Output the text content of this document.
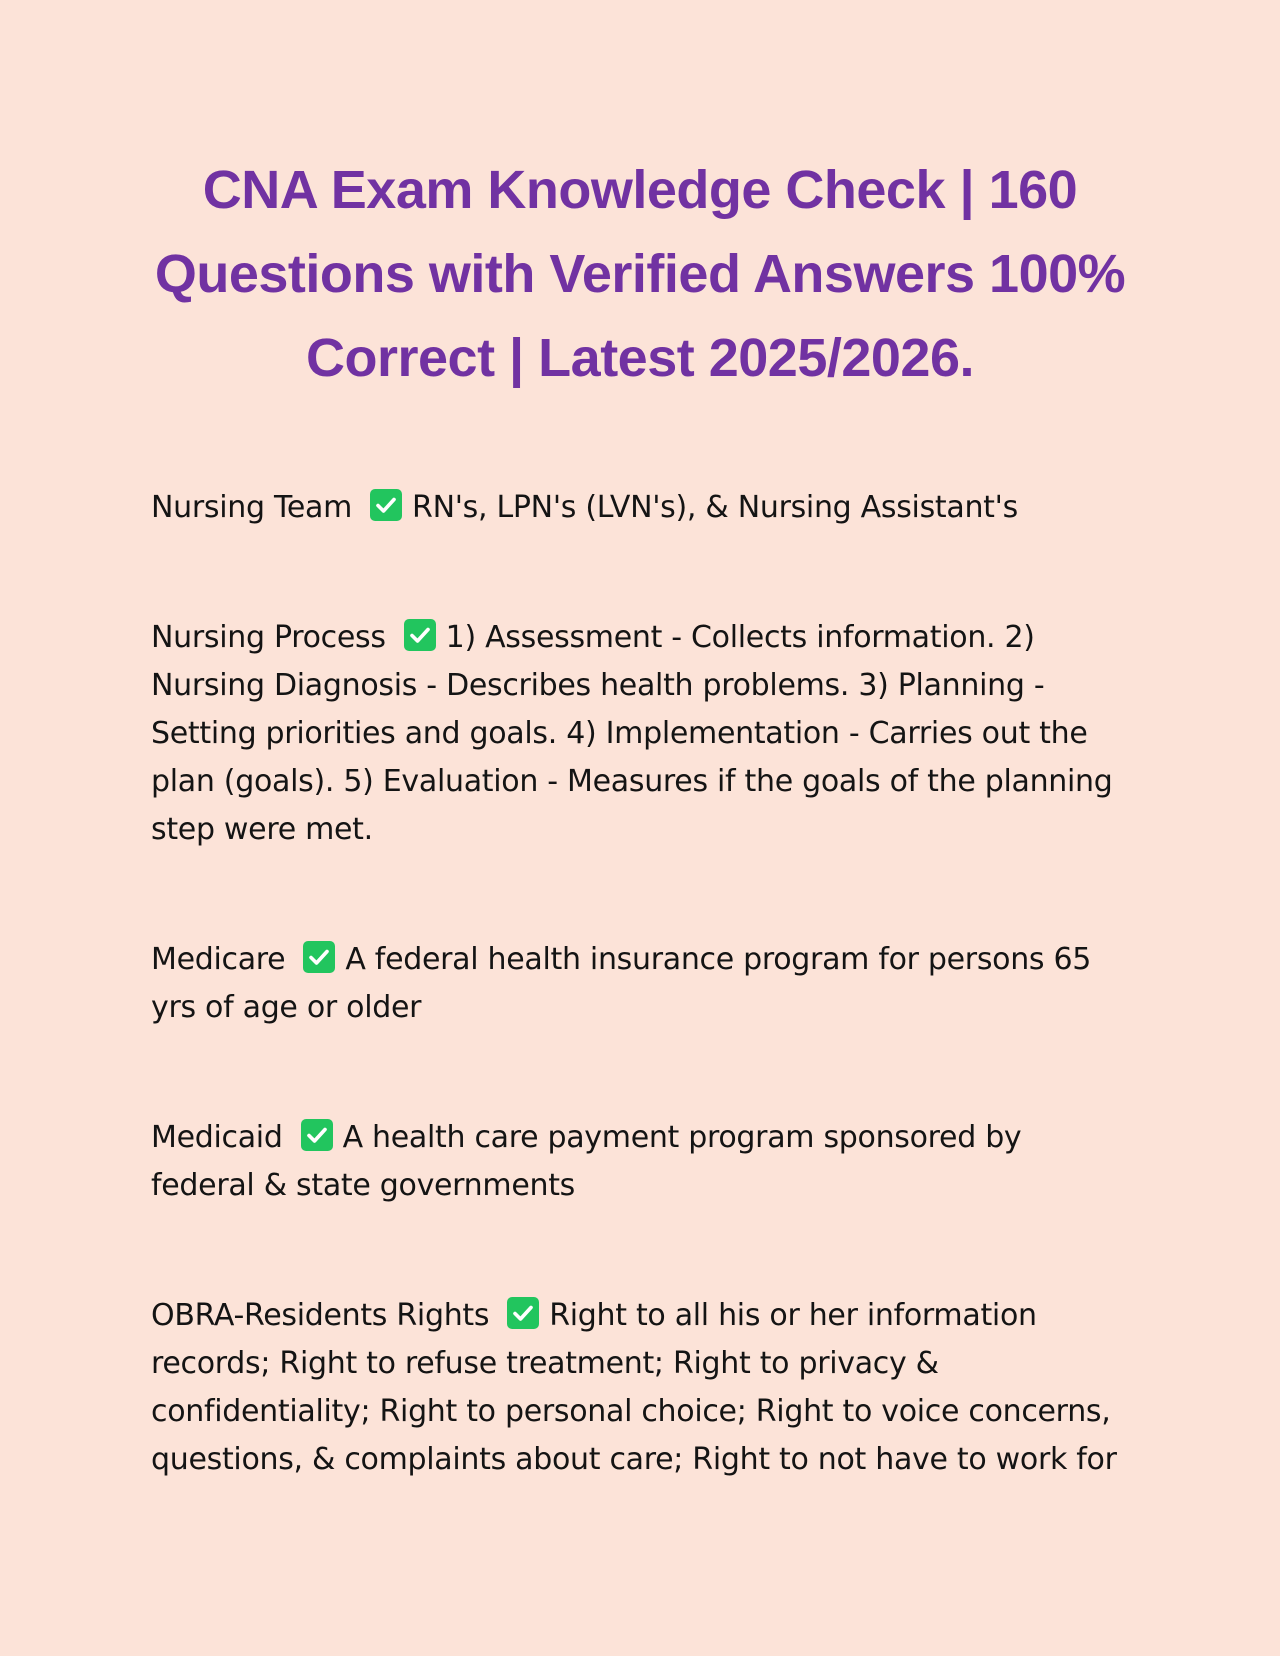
CNA Exam Knowledge Check | 160 Questions with Verified Answers 100% Correct | Latest 2025/2026.

Nursing Team RN's, LPN's (LVN's), & Nursing Assistant's

Nursing Process 1) Assessment - Collects information. 2) Nursing Diagnosis - Describes health problems. 3) Planning - Setting priorities and goals. 4) Implementation - Carries out the plan (goals). 5) Evaluation - Measures if the goals of the planning step were met.

Medicare A federal health insurance program for persons 65 yrs of age or older

Medicaid A health care payment program sponsored by federal & state governments

OBRA-Residents Rights Right to all his or her information records; Right to refuse treatment; Right to privacy & confidentiality; Right to personal choice; Right to voice concerns, questions, & complaints about care; Right to not have to work for
